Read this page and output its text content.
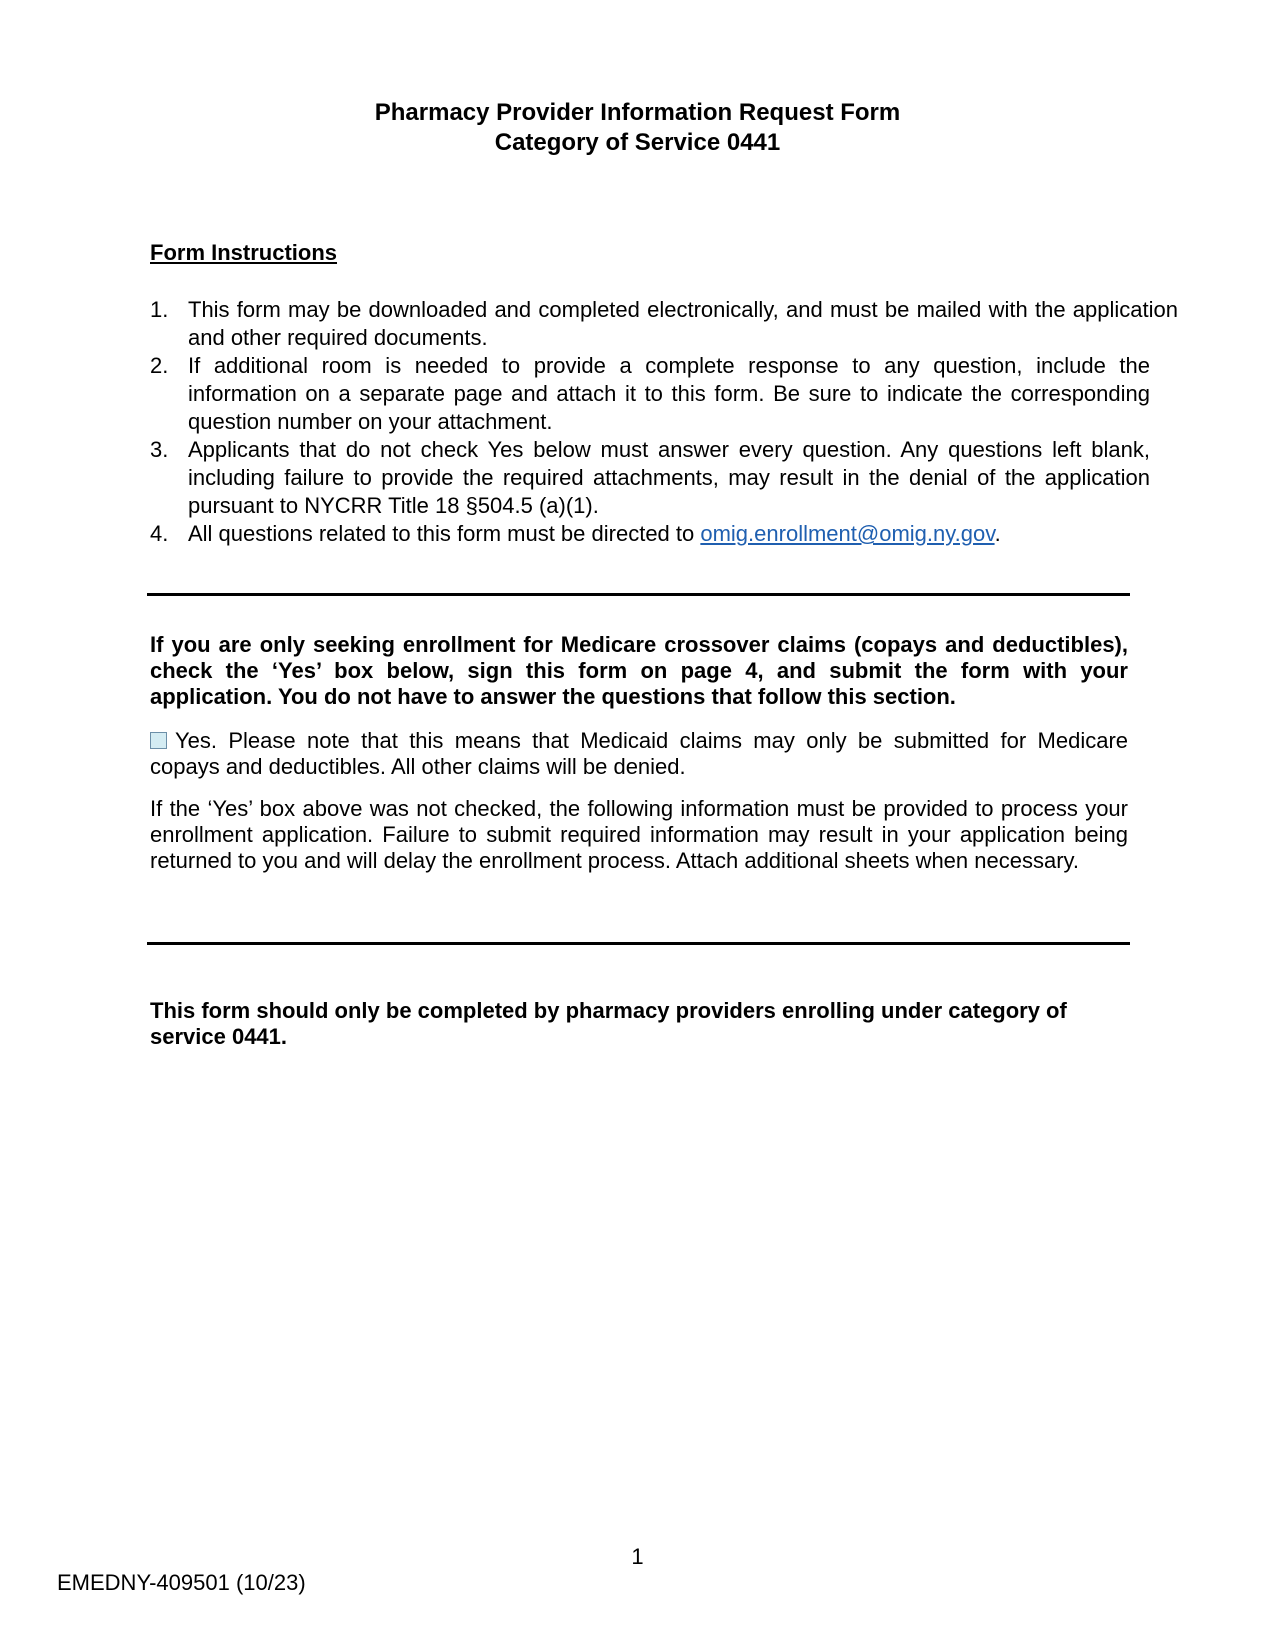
Pharmacy Provider Information Request Form
Category of Service 0441
Form Instructions
1. This form may be downloaded and completed electronically, and must be mailed with the application and other required documents.
2. If additional room is needed to provide a complete response to any question, include the information on a separate page and attach it to this form. Be sure to indicate the corresponding question number on your attachment.
3. Applicants that do not check Yes below must answer every question. Any questions left blank, including failure to provide the required attachments, may result in the denial of the application pursuant to NYCRR Title 18 §504.5 (a)(1).
4. All questions related to this form must be directed to omig.enrollment@omig.ny.gov.

If you are only seeking enrollment for Medicare crossover claims (copays and deductibles), check the ‘Yes’ box below, sign this form on page 4, and submit the form with your application. You do not have to answer the questions that follow this section.

Yes. Please note that this means that Medicaid claims may only be submitted for Medicare copays and deductibles. All other claims will be denied.

If the ‘Yes’ box above was not checked, the following information must be provided to process your enrollment application. Failure to submit required information may result in your application being returned to you and will delay the enrollment process. Attach additional sheets when necessary.

This form should only be completed by pharmacy providers enrolling under category of service 0441.

1
EMEDNY-409501 (10/23)
